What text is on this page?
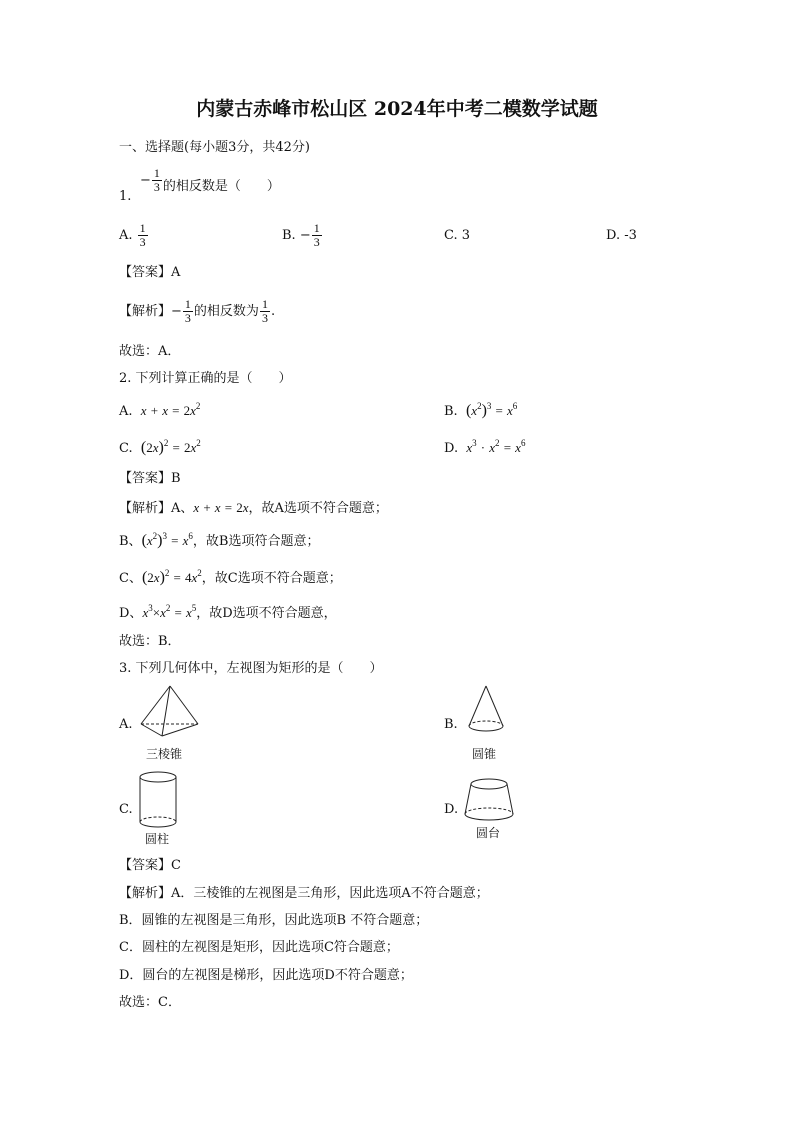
内蒙古赤峰市松山区 2024年中考二模数学试题
一、选择题(每小题3分，共42分)
1.
− $\frac{1}{3}$ 的相反数是（　　）
A. $\frac{1}{3}$	B. − $\frac{1}{3}$	C. 3	D. -3
【答案】A
【解析】− $\frac{1}{3}$ 的相反数为 $\frac{1}{3}$ .
故选：A．
2. 下列计算正确的是（　　）
A. $x + x = 2x^2$	B. $(x^2)^3 = x^6$
C. $(2x)^2 = 2x^2$	D. $x^3 \cdot x^2 = x^6$
【答案】B
【解析】A、x + x = 2x，故A选项不符合题意；
B、$(x^2)^3 = x^6$，故B选项符合题意；
C、$(2x)^2 = 4x^2$，故C选项不符合题意；
D、$x^3\times x^2 = x^5$，故D选项不符合题意，
故选：B．
3. 下列几何体中，左视图为矩形的是（　　）
A.
三棱锥
B.
圆锥
C.
圆柱
D.
圆台
【答案】C
【解析】A．三棱锥的左视图是三角形，因此选项A不符合题意；
B．圆锥的左视图是三角形，因此选项B 不符合题意；
C．圆柱的左视图是矩形，因此选项C符合题意；
D．圆台的左视图是梯形，因此选项D不符合题意；
故选：C．
